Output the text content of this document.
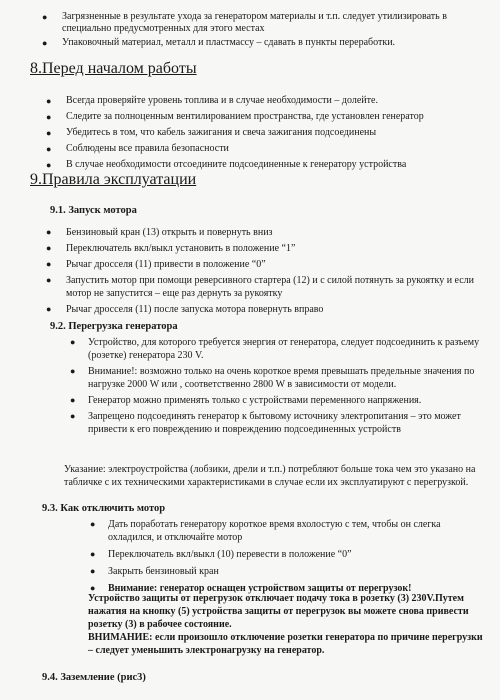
● Загрязненные в результате ухода за генератором материалы и т.п. следует утилизировать в специально предусмотренных для этого местах
● Упаковочный материал, металл и пластмассу – сдавать в пункты переработки.
8.Перед началом работы
● Всегда проверяйте уровень топлива и в случае необходимости – долейте.
● Следите за полноценным вентилированием пространства, где установлен генератор
● Убедитесь в том, что кабель зажигания и свеча зажигания подсоединены
● Соблюдены все правила безопасности
● В случае необходимости отсоедините подсоединенные к генератору устройства
9.Правила эксплуатации
9.1. Запуск мотора
● Бензиновый кран (13) открыть и повернуть вниз
● Переключатель вкл/выкл установить в положение “1”
● Рычаг дросселя (11) привести в положение “0”
● Запустить мотор при помощи реверсивного стартера (12) и с силой потянуть за рукоятку и если мотор не запустится – еще раз дернуть за рукоятку
● Рычаг дросселя (11) после запуска мотора повернуть вправо
9.2. Перегрузка генератора
● Устройство, для которого требуется энергия от генератора, следует подсоединить к разъему (розетке) генератора 230 V.
● Внимание!: возможно только на очень короткое время превышать предельные значения по нагрузке 2000 W или , соответственно 2800 W в зависимости от модели.
● Генератор можно применять только с устройствами переменного напряжения.
● Запрещено подсоединять генератор к бытовому источнику электропитания – это может привести к его повреждению и повреждению подсоединенных устройств
Указание: электроустройства (лобзики, дрели и т.п.) потребляют больше тока чем это указано на табличке с их техническими характеристиками в случае если их эксплуатируют с перегрузкой.
9.3. Как отключить мотор
● Дать поработать генератору короткое время вхолостую с тем, чтобы он слегка охладился, и отключайте мотор
● Переключатель вкл/выкл (10) перевести в положение “0”
● Закрыть бензиновый кран
● Внимание: генератор оснащен устройством защиты от перегрузок!
Устройство защиты от перегрузок отключает подачу тока в розетку (3) 230V.Путем нажатия на кнопку (5) устройства защиты от перегрузок вы можете снова привести розетку (3) в рабочее состояние.
ВНИМАНИЕ: если произошло отключение розетки генератора по причине перегрузки – следует уменьшить электронагрузку на генератор.
9.4. Заземление (рис3)
